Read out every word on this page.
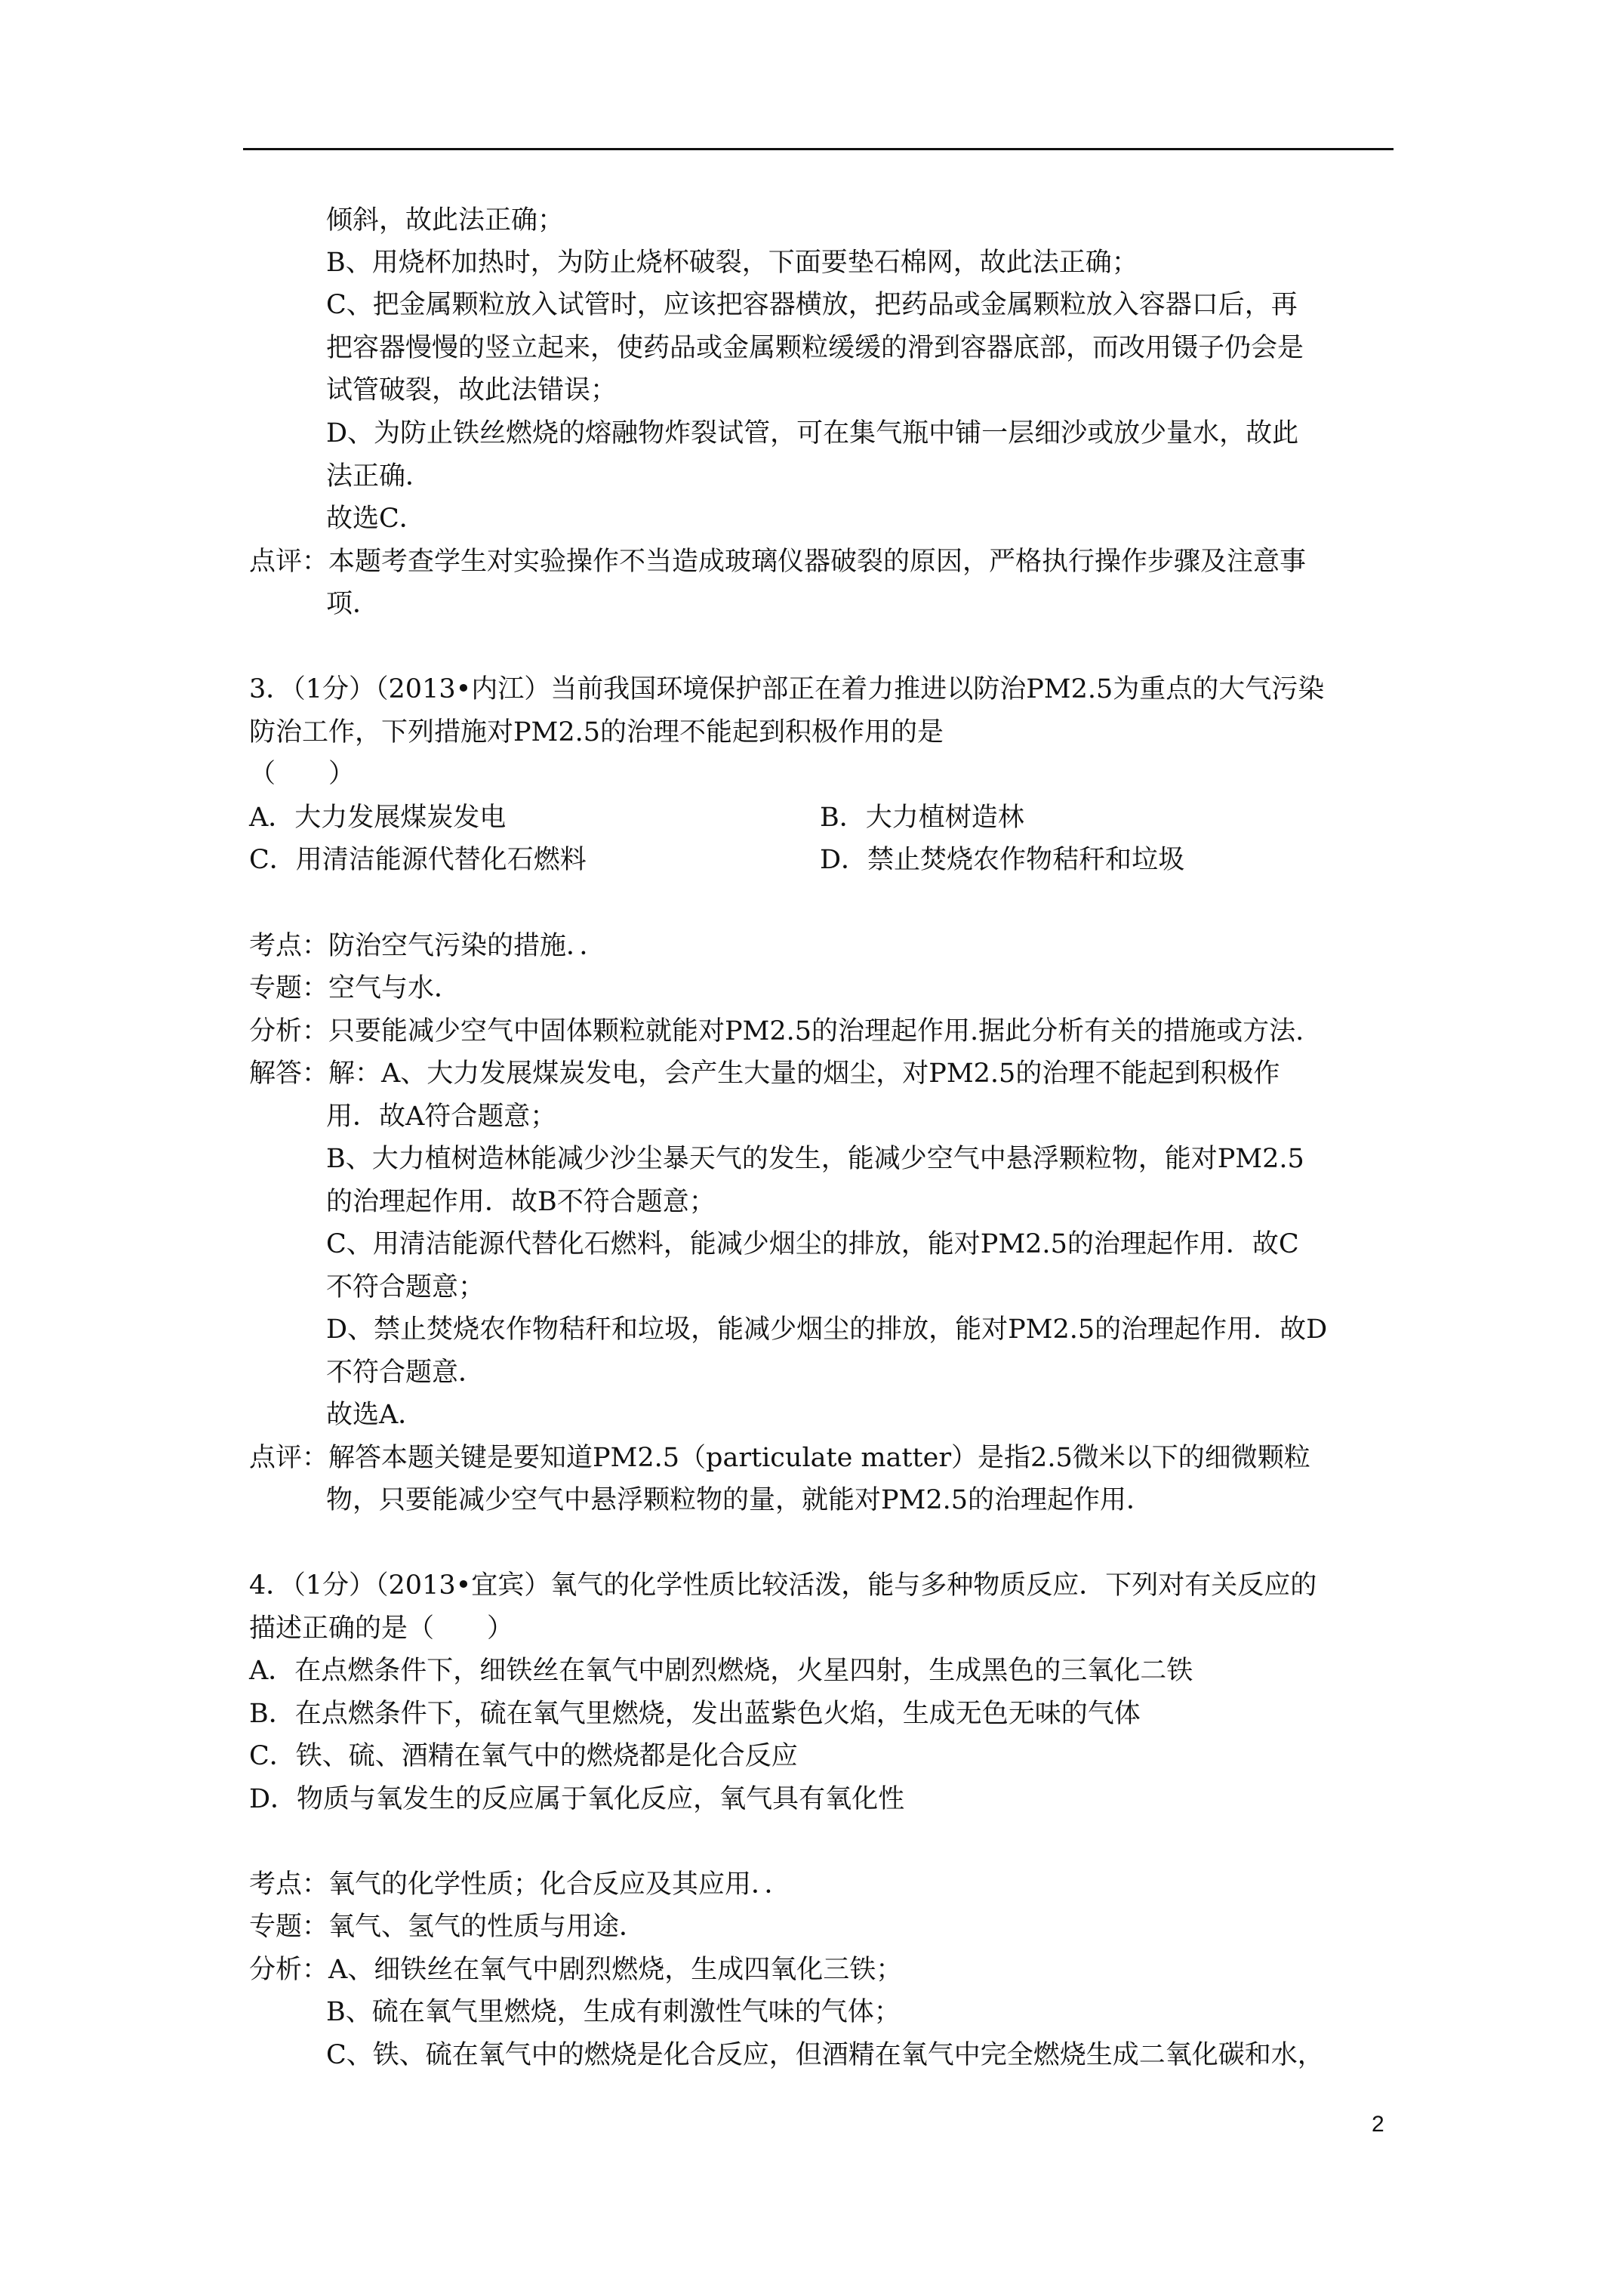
倾斜，故此法正确；
B、用烧杯加热时，为防止烧杯破裂，下面要垫石棉网，故此法正确；
C、把金属颗粒放入试管时，应该把容器横放，把药品或金属颗粒放入容器口后，再
把容器慢慢的竖立起来，使药品或金属颗粒缓缓的滑到容器底部，而改用镊子仍会是
试管破裂，故此法错误；
D、为防止铁丝燃烧的熔融物炸裂试管，可在集气瓶中铺一层细沙或放少量水，故此
法正确．
故选C．
点评：本题考查学生对实验操作不当造成玻璃仪器破裂的原因，严格执行操作步骤及注意事
项．
3．（1分）（2013•内江）当前我国环境保护部正在着力推进以防治PM2.5为重点的大气污染
防治工作，下列措施对PM2.5的治理不能起到积极作用的是
（　　）
A．大力发展煤炭发电	B．大力植树造林
C．用清洁能源代替化石燃料	D．禁止焚烧农作物秸秆和垃圾
考点：防治空气污染的措施．．
专题：空气与水．
分析：只要能减少空气中固体颗粒就能对PM2.5的治理起作用.据此分析有关的措施或方法.
解答：解：A、大力发展煤炭发电，会产生大量的烟尘，对PM2.5的治理不能起到积极作
用．故A符合题意；
B、大力植树造林能减少沙尘暴天气的发生，能减少空气中悬浮颗粒物，能对PM2.5
的治理起作用．故B不符合题意；
C、用清洁能源代替化石燃料，能减少烟尘的排放，能对PM2.5的治理起作用．故C
不符合题意；
D、禁止焚烧农作物秸秆和垃圾，能减少烟尘的排放，能对PM2.5的治理起作用．故D
不符合题意．
故选A．
点评：解答本题关键是要知道PM2.5（particulate matter）是指2.5微米以下的细微颗粒
物，只要能减少空气中悬浮颗粒物的量，就能对PM2.5的治理起作用．
4．（1分）（2013•宜宾）氧气的化学性质比较活泼，能与多种物质反应．下列对有关反应的
描述正确的是（　　）
A．在点燃条件下，细铁丝在氧气中剧烈燃烧，火星四射，生成黑色的三氧化二铁
B．在点燃条件下，硫在氧气里燃烧，发出蓝紫色火焰，生成无色无味的气体
C．铁、硫、酒精在氧气中的燃烧都是化合反应
D．物质与氧发生的反应属于氧化反应，氧气具有氧化性
考点：氧气的化学性质；化合反应及其应用．．
专题：氧气、氢气的性质与用途．
分析：A、细铁丝在氧气中剧烈燃烧，生成四氧化三铁；
B、硫在氧气里燃烧，生成有刺激性气味的气体；
C、铁、硫在氧气中的燃烧是化合反应，但酒精在氧气中完全燃烧生成二氧化碳和水，
2
